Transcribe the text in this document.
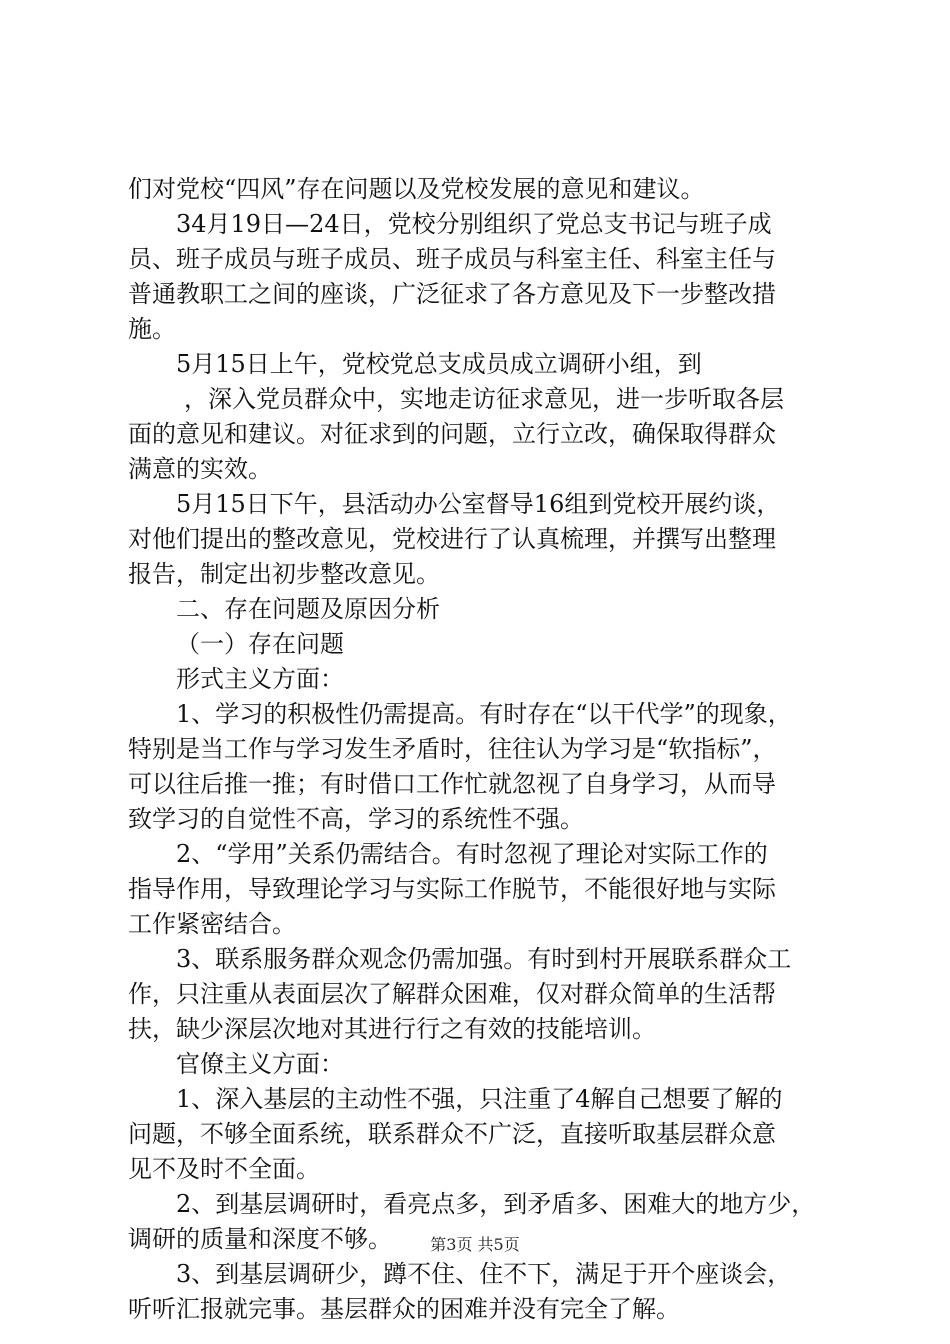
们对党校“四风”存在问题以及党校发展的意见和建议。
34月19日—24日，党校分别组织了党总支书记与班子成
员、班子成员与班子成员、班子成员与科室主任、科室主任与
普通教职工之间的座谈，广泛征求了各方意见及下一步整改措
施。
5月15日上午，党校党总支成员成立调研小组，到
，深入党员群众中，实地走访征求意见，进一步听取各层
面的意见和建议。对征求到的问题，立行立改，确保取得群众
满意的实效。
5月15日下午，县活动办公室督导16组到党校开展约谈，
对他们提出的整改意见，党校进行了认真梳理，并撰写出整理
报告，制定出初步整改意见。
二、存在问题及原因分析
（一）存在问题
形式主义方面：
1、学习的积极性仍需提高。有时存在“以干代学”的现象，
特别是当工作与学习发生矛盾时，往往认为学习是“软指标”，
可以往后推一推；有时借口工作忙就忽视了自身学习，从而导
致学习的自觉性不高，学习的系统性不强。
2、“学用”关系仍需结合。有时忽视了理论对实际工作的
指导作用，导致理论学习与实际工作脱节，不能很好地与实际
工作紧密结合。
3、联系服务群众观念仍需加强。有时到村开展联系群众工
作，只注重从表面层次了解群众困难，仅对群众简单的生活帮
扶，缺少深层次地对其进行行之有效的技能培训。
官僚主义方面：
1、深入基层的主动性不强，只注重了4解自己想要了解的
问题，不够全面系统，联系群众不广泛，直接听取基层群众意
见不及时不全面。
2、到基层调研时，看亮点多，到矛盾多、困难大的地方少，
调研的质量和深度不够。
3、到基层调研少，蹲不住、住不下，满足于开个座谈会，
听听汇报就完事。基层群众的困难并没有完全了解。
第3页 共5页
